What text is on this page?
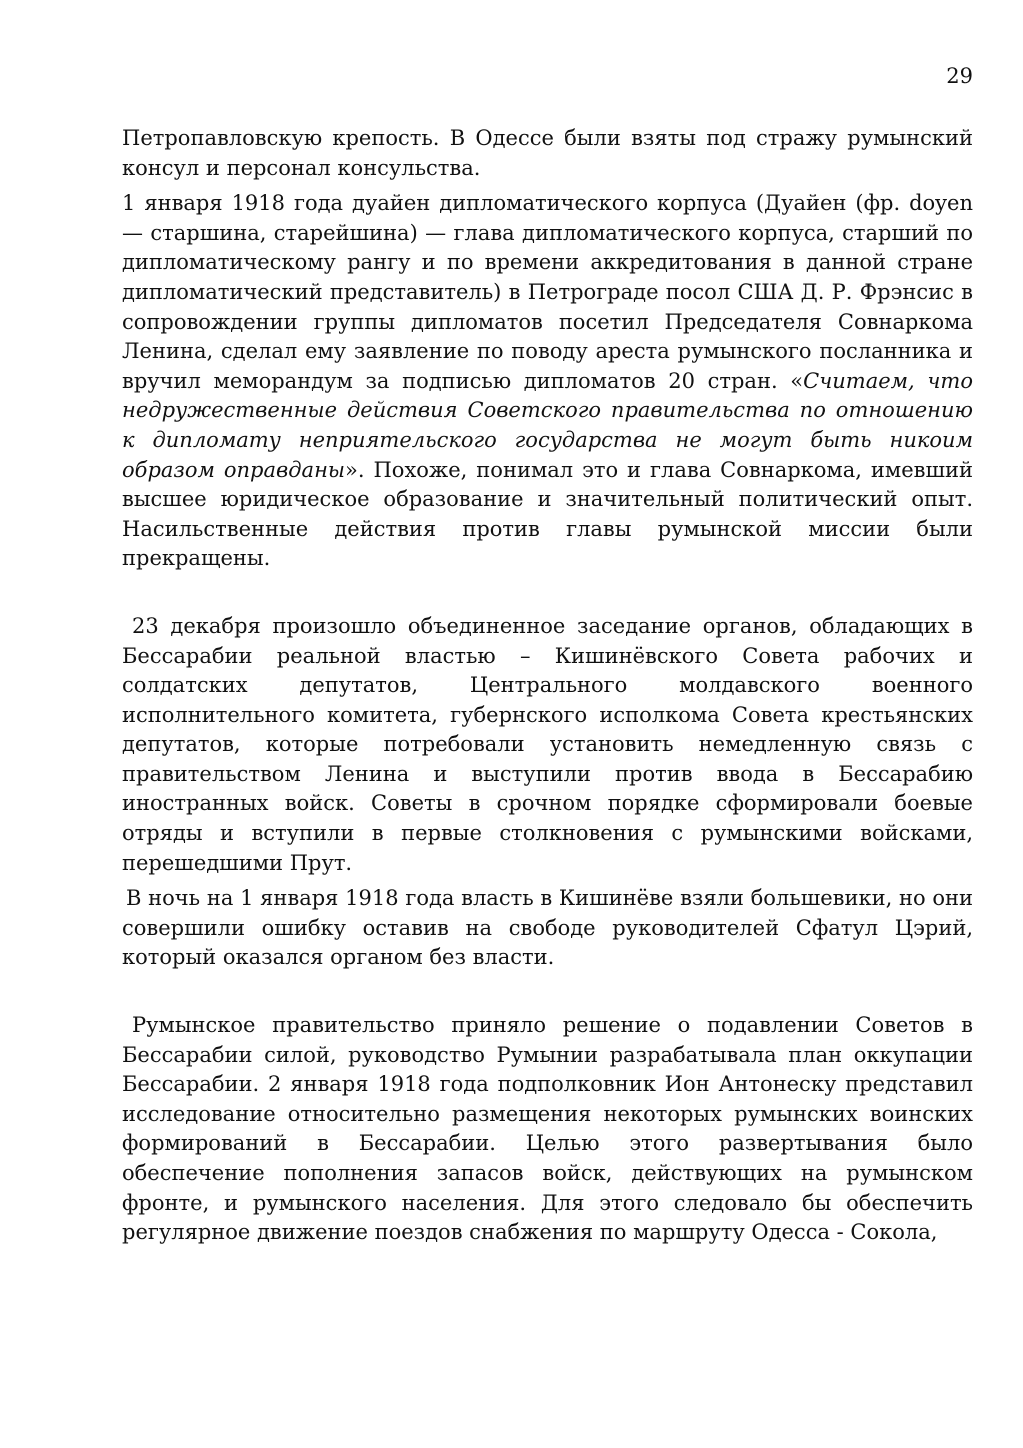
29

Петропавловскую крепость. В Одессе были взяты под стражу румынский консул и персонал консульства.

1 января 1918 года дуайен дипломатического корпуса (Дуайен (фр. doyen — старшина, старейшина) — глава дипломатического корпуса, старший по дипломатическому рангу и по времени аккредитования в данной стране дипломатический представитель) в Петрограде посол США Д. Р. Фрэнсис в сопровождении группы дипломатов посетил Председателя Совнаркома Ленина, сделал ему заявление по поводу ареста румынского посланника и вручил меморандум за подписью дипломатов 20 стран. «Считаем, что недружественные действия Советского правительства по отношению к дипломату неприятельского государства не могут быть никоим образом оправданы». Похоже, понимал это и глава Совнаркома, имевший высшее юридическое образование и значительный политический опыт. Насильственные действия против главы румынской миссии были прекращены.

23 декабря произошло объединенное заседание органов, обладающих в Бессарабии реальной властью – Кишинёвского Совета рабочих и солдатских депутатов, Центрального молдавского военного исполнительного комитета, губернского исполкома Совета крестьянских депутатов, которые потребовали установить немедленную связь с правительством Ленина и выступили против ввода в Бессарабию иностранных войск. Советы в срочном порядке сформировали боевые отряды и вступили в первые столкновения с румынскими войсками, перешедшими Прут.

В ночь на 1 января 1918 года власть в Кишинёве взяли большевики, но они совершили ошибку оставив на свободе руководителей Сфатул Цэрий, который оказался органом без власти.

Румынское правительство приняло решение о подавлении Советов в Бессарабии силой, руководство Румынии разрабатывала план оккупации Бессарабии. 2 января 1918 года подполковник Ион Антонеску представил исследование относительно размещения некоторых румынских воинских формирований в Бессарабии. Целью этого развертывания было обеспечение пополнения запасов войск, действующих на румынском фронте, и румынского населения. Для этого следовало бы обеспечить регулярное движение поездов снабжения по маршруту Одесса - Сокола,
